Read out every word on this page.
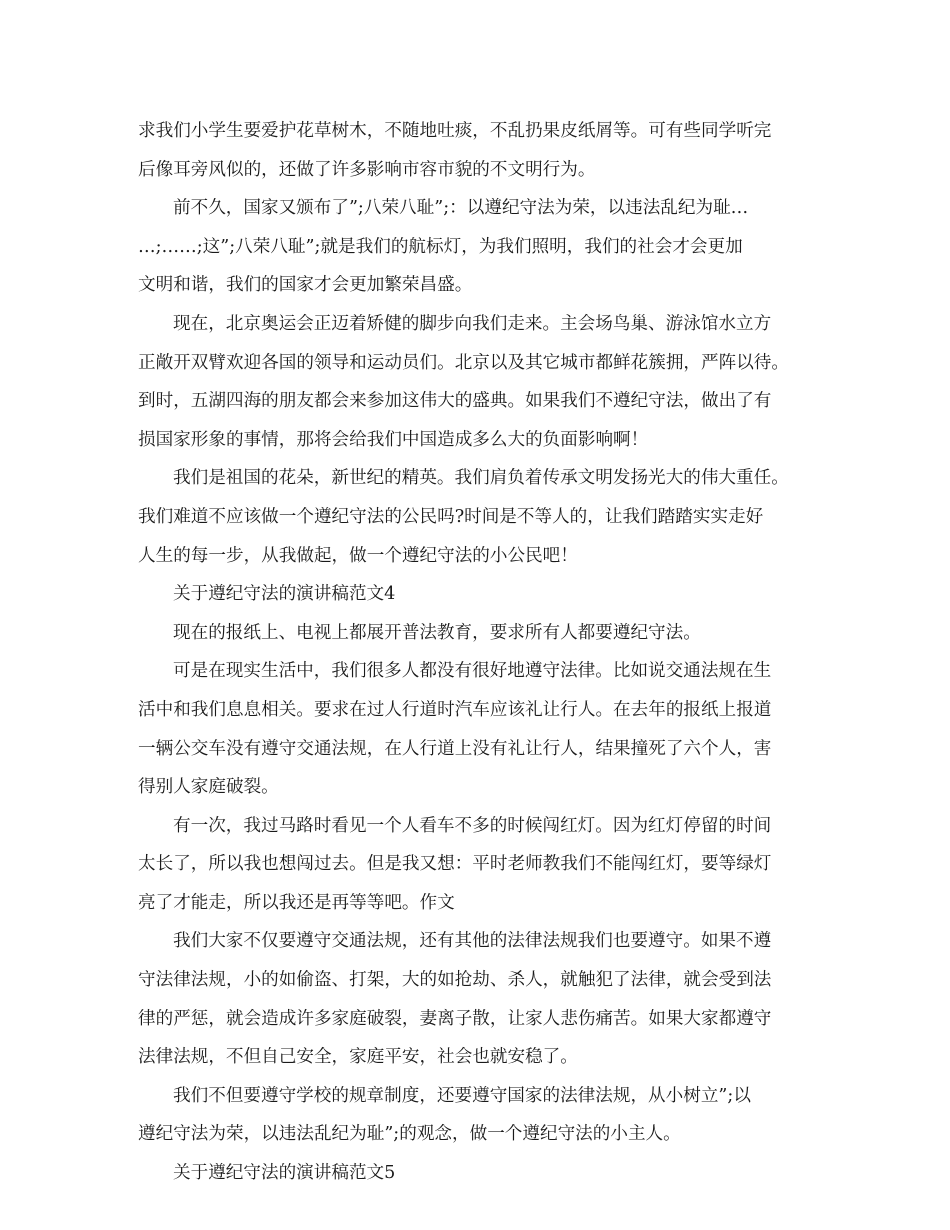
求我们小学生要爱护花草树木，不随地吐痰，不乱扔果皮纸屑等。可有些同学听完

后像耳旁风似的，还做了许多影响市容市貌的不文明行为。

前不久，国家又颁布了”;八荣八耻”;：以遵纪守法为荣，以违法乱纪为耻…

…;……;这”;八荣八耻”;就是我们的航标灯，为我们照明，我们的社会才会更加

文明和谐，我们的国家才会更加繁荣昌盛。

现在，北京奥运会正迈着矫健的脚步向我们走来。主会场鸟巢、游泳馆水立方

正敞开双臂欢迎各国的领导和运动员们。北京以及其它城市都鲜花簇拥，严阵以待。

到时，五湖四海的朋友都会来参加这伟大的盛典。如果我们不遵纪守法，做出了有

损国家形象的事情，那将会给我们中国造成多么大的负面影响啊！

我们是祖国的花朵，新世纪的精英。我们肩负着传承文明发扬光大的伟大重任。

我们难道不应该做一个遵纪守法的公民吗?时间是不等人的，让我们踏踏实实走好

人生的每一步，从我做起，做一个遵纪守法的小公民吧！

关于遵纪守法的演讲稿范文4

现在的报纸上、电视上都展开普法教育，要求所有人都要遵纪守法。

可是在现实生活中，我们很多人都没有很好地遵守法律。比如说交通法规在生

活中和我们息息相关。要求在过人行道时汽车应该礼让行人。在去年的报纸上报道

一辆公交车没有遵守交通法规，在人行道上没有礼让行人，结果撞死了六个人，害

得别人家庭破裂。

有一次，我过马路时看见一个人看车不多的时候闯红灯。因为红灯停留的时间

太长了，所以我也想闯过去。但是我又想：平时老师教我们不能闯红灯，要等绿灯

亮了才能走，所以我还是再等等吧。作文

我们大家不仅要遵守交通法规，还有其他的法律法规我们也要遵守。如果不遵

守法律法规，小的如偷盗、打架，大的如抢劫、杀人，就触犯了法律，就会受到法

律的严惩，就会造成许多家庭破裂，妻离子散，让家人悲伤痛苦。如果大家都遵守

法律法规，不但自己安全，家庭平安，社会也就安稳了。

我们不但要遵守学校的规章制度，还要遵守国家的法律法规，从小树立”;以

遵纪守法为荣，以违法乱纪为耻”;的观念，做一个遵纪守法的小主人。

关于遵纪守法的演讲稿范文5
